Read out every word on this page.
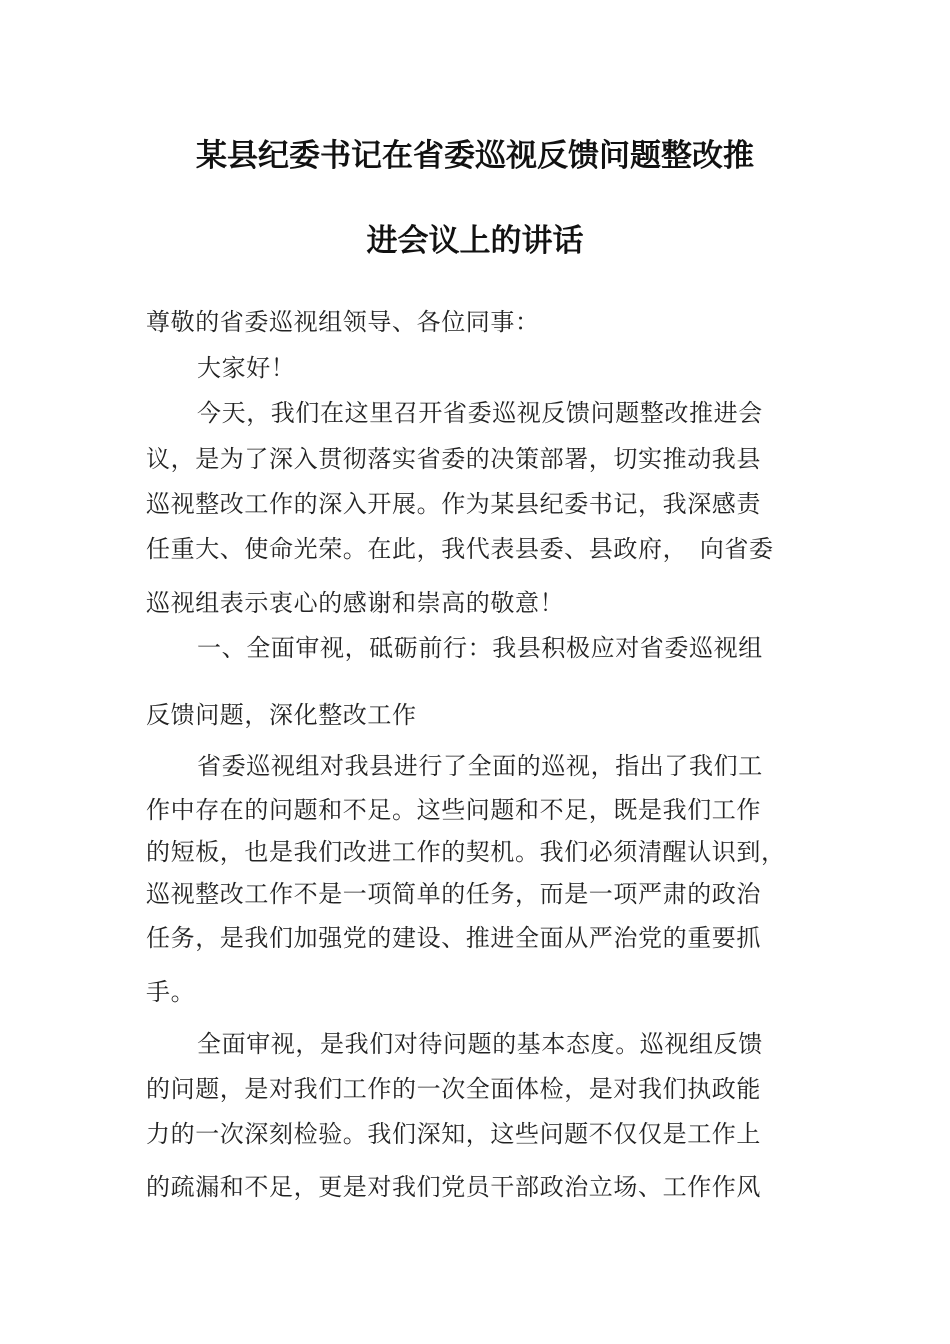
某县纪委书记在省委巡视反馈问题整改推
进会议上的讲话
尊敬的省委巡视组领导、各位同事：
大家好！
今天，我们在这里召开省委巡视反馈问题整改推进会
议，是为了深入贯彻落实省委的决策部署，切实推动我县
巡视整改工作的深入开展。作为某县纪委书记，我深感责
任重大、使命光荣。在此，我代表县委、县政府，　向省委
巡视组表示衷心的感谢和崇高的敬意！
一、全面审视，砥砺前行：我县积极应对省委巡视组
反馈问题，深化整改工作
省委巡视组对我县进行了全面的巡视，指出了我们工
作中存在的问题和不足。这些问题和不足，既是我们工作
的短板，也是我们改进工作的契机。我们必须清醒认识到，
巡视整改工作不是一项简单的任务，而是一项严肃的政治
任务，是我们加强党的建设、推进全面从严治党的重要抓
手。
全面审视，是我们对待问题的基本态度。巡视组反馈
的问题，是对我们工作的一次全面体检，是对我们执政能
力的一次深刻检验。我们深知，这些问题不仅仅是工作上
的疏漏和不足，更是对我们党员干部政治立场、工作作风
